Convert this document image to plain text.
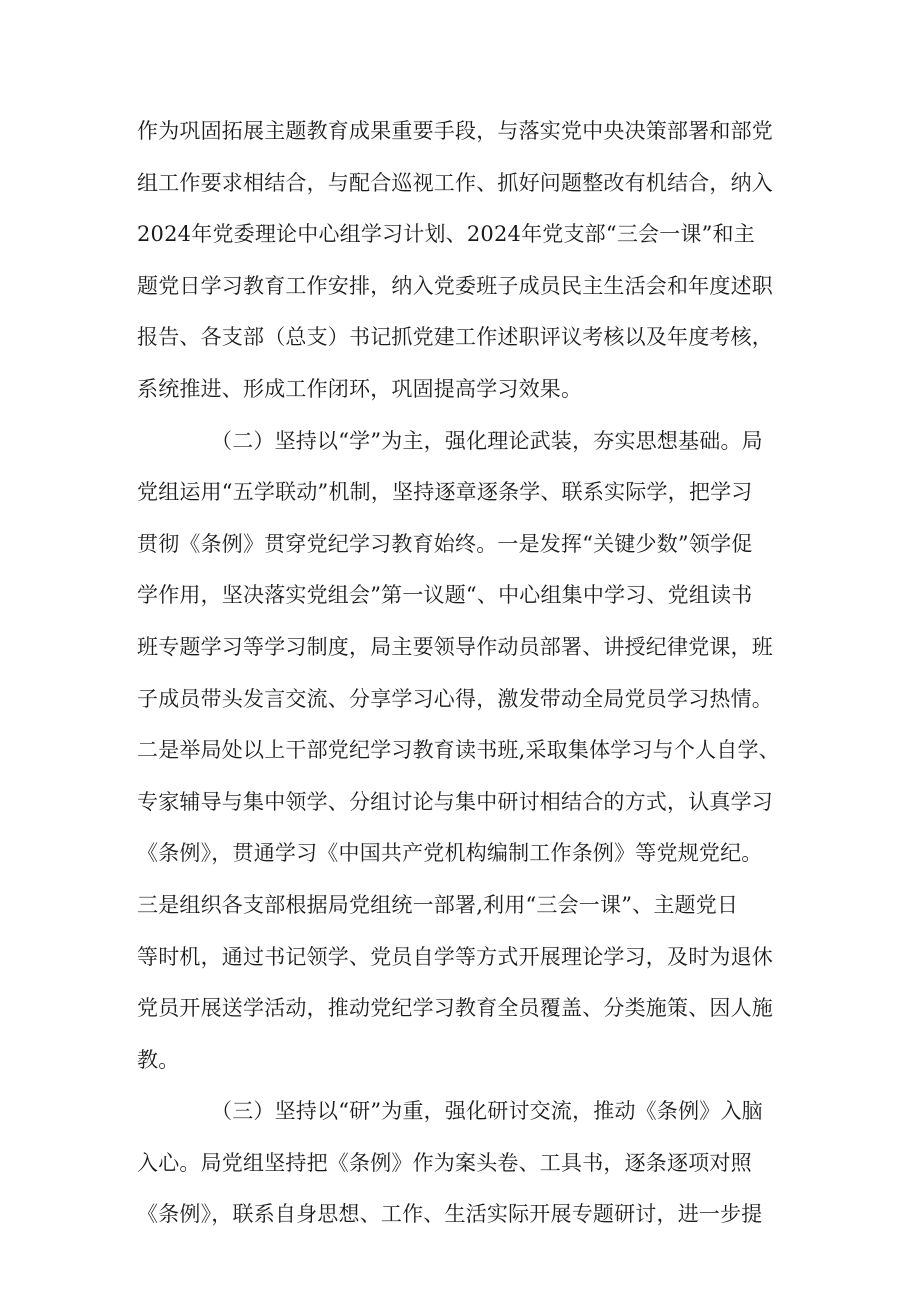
作为巩固拓展主题教育成果重要手段，与落实党中央决策部署和部党
组工作要求相结合，与配合巡视工作、抓好问题整改有机结合，纳入
2024年党委理论中心组学习计划、2024年党支部“三会一课”和主
题党日学习教育工作安排，纳入党委班子成员民主生活会和年度述职
报告、各支部（总支）书记抓党建工作述职评议考核以及年度考核，
系统推进、形成工作闭环，巩固提高学习效果。
（二）坚持以“学”为主，强化理论武装，夯实思想基础。局
党组运用“五学联动”机制，坚持逐章逐条学、联系实际学，把学习
贯彻《条例》贯穿党纪学习教育始终。一是发挥“关键少数”领学促
学作用，坚决落实党组会”第一议题“、中心组集中学习、党组读书
班专题学习等学习制度，局主要领导作动员部署、讲授纪律党课，班
子成员带头发言交流、分享学习心得，激发带动全局党员学习热情。
二是举局处以上干部党纪学习教育读书班,采取集体学习与个人自学、
专家辅导与集中领学、分组讨论与集中研讨相结合的方式，认真学习
《条例》，贯通学习《中国共产党机构编制工作条例》等党规党纪。
三是组织各支部根据局党组统一部署,利用“三会一课”、主题党日
等时机，通过书记领学、党员自学等方式开展理论学习，及时为退休
党员开展送学活动，推动党纪学习教育全员覆盖、分类施策、因人施
教。
（三）坚持以“研”为重，强化研讨交流，推动《条例》入脑
入心。局党组坚持把《条例》作为案头卷、工具书，逐条逐项对照
《条例》，联系自身思想、工作、生活实际开展专题研讨，进一步提
